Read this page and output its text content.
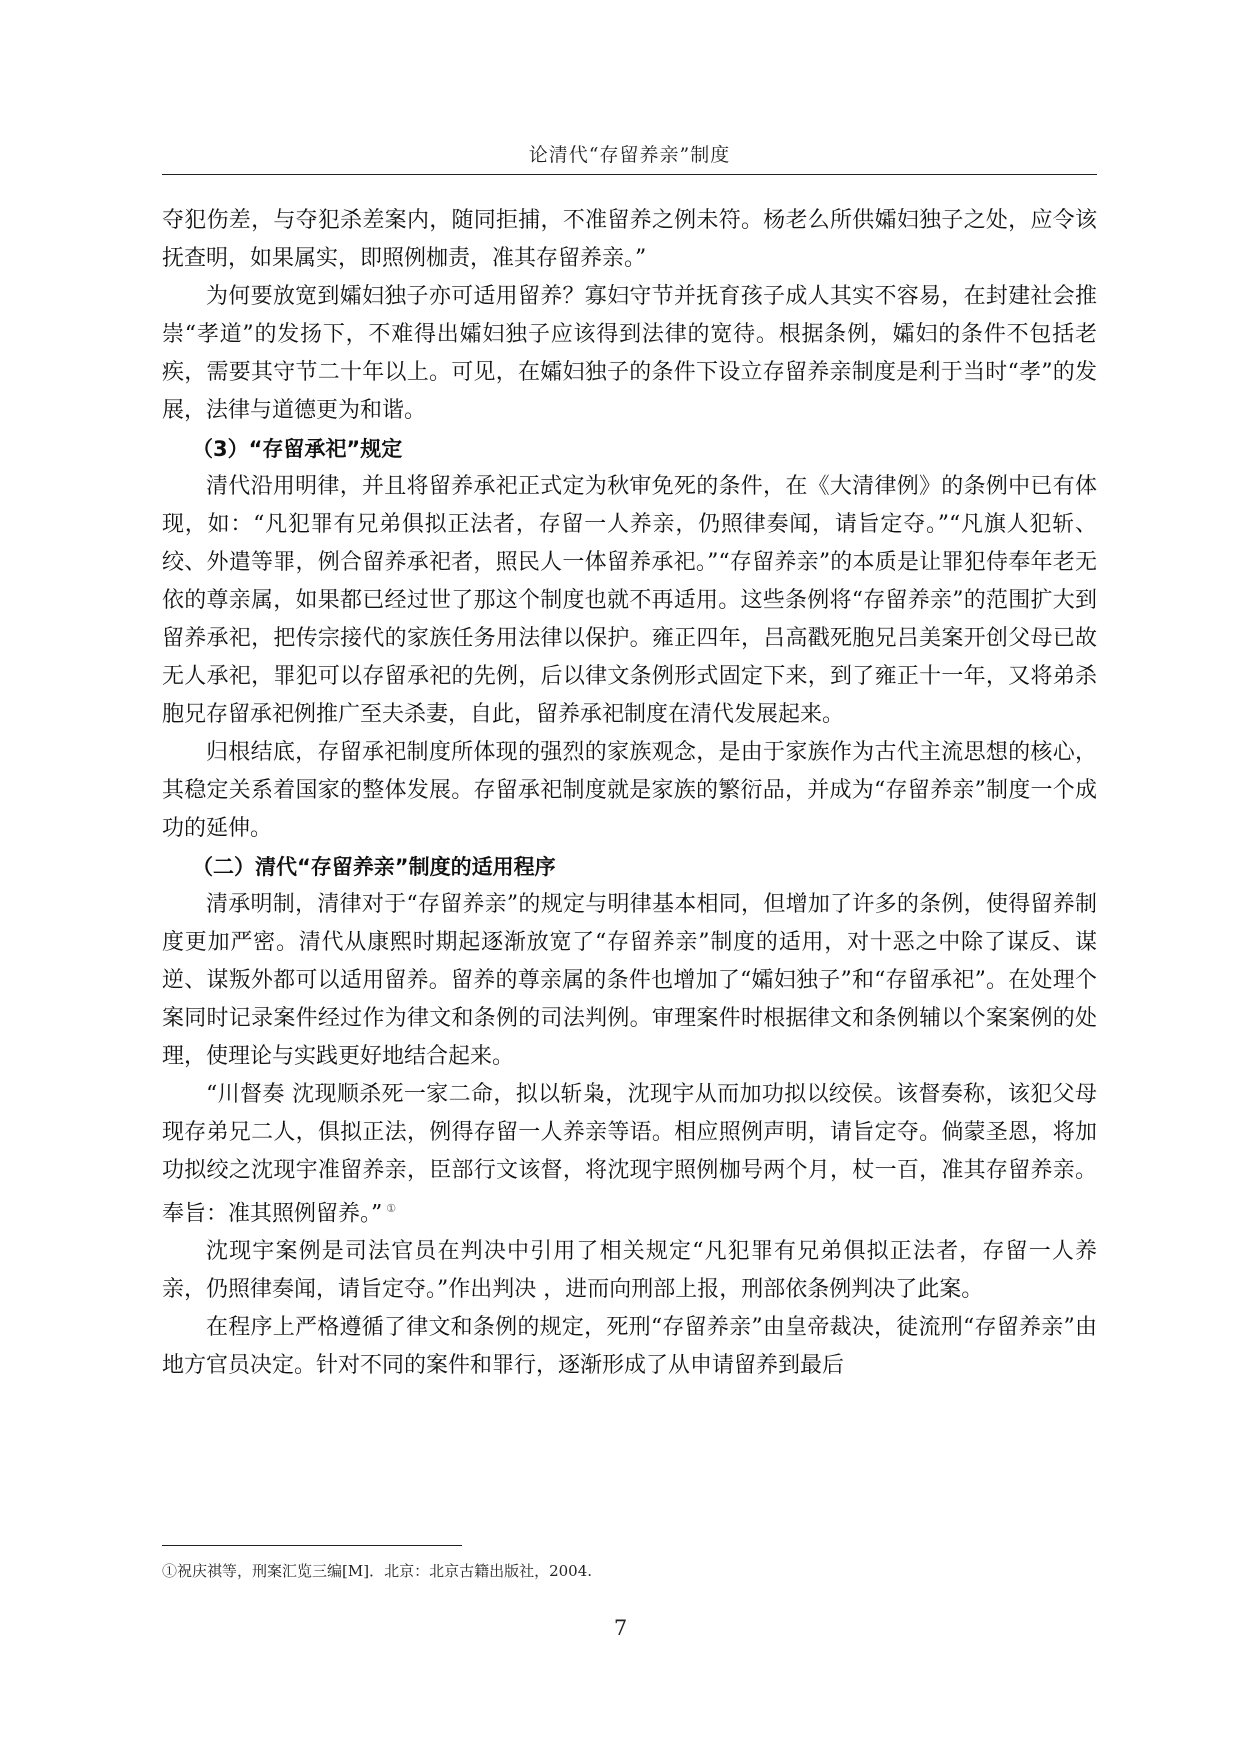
论清代“存留养亲”制度

夺犯伤差，与夺犯杀差案内，随同拒捕，不准留养之例未符。杨老么所供孀妇独子之处，应令该抚查明，如果属实，即照例枷责，准其存留养亲。”

为何要放宽到孀妇独子亦可适用留养？寡妇守节并抚育孩子成人其实不容易，在封建社会推崇“孝道”的发扬下，不难得出孀妇独子应该得到法律的宽待。根据条例，孀妇的条件不包括老疾，需要其守节二十年以上。可见，在孀妇独子的条件下设立存留养亲制度是利于当时“孝”的发展，法律与道德更为和谐。

（3）“存留承祀”规定

清代沿用明律，并且将留养承祀正式定为秋审免死的条件，在《大清律例》的条例中已有体现，如：“凡犯罪有兄弟俱拟正法者，存留一人养亲，仍照律奏闻，请旨定夺。”“凡旗人犯斩、绞、外遣等罪，例合留养承祀者，照民人一体留养承祀。”“存留养亲”的本质是让罪犯侍奉年老无依的尊亲属，如果都已经过世了那这个制度也就不再适用。这些条例将“存留养亲”的范围扩大到留养承祀，把传宗接代的家族任务用法律以保护。雍正四年，吕高戳死胞兄吕美案开创父母已故无人承祀，罪犯可以存留承祀的先例，后以律文条例形式固定下来，到了雍正十一年，又将弟杀胞兄存留承祀例推广至夫杀妻，自此，留养承祀制度在清代发展起来。

归根结底，存留承祀制度所体现的强烈的家族观念，是由于家族作为古代主流思想的核心，其稳定关系着国家的整体发展。存留承祀制度就是家族的繁衍品，并成为“存留养亲”制度一个成功的延伸。

（二）清代“存留养亲”制度的适用程序

清承明制，清律对于“存留养亲”的规定与明律基本相同，但增加了许多的条例，使得留养制度更加严密。清代从康熙时期起逐渐放宽了“存留养亲”制度的适用，对十恶之中除了谋反、谋逆、谋叛外都可以适用留养。留养的尊亲属的条件也增加了“孀妇独子”和“存留承祀”。在处理个案同时记录案件经过作为律文和条例的司法判例。审理案件时根据律文和条例辅以个案案例的处理，使理论与实践更好地结合起来。

“川督奏 沈现顺杀死一家二命，拟以斩枭，沈现宇从而加功拟以绞侯。该督奏称，该犯父母现存弟兄二人，俱拟正法，例得存留一人养亲等语。相应照例声明，请旨定夺。倘蒙圣恩，将加功拟绞之沈现宇准留养亲，臣部行文该督，将沈现宇照例枷号两个月，杖一百，准其存留养亲。奉旨：准其照例留养。” ①

沈现宇案例是司法官员在判决中引用了相关规定“凡犯罪有兄弟俱拟正法者，存留一人养亲，仍照律奏闻，请旨定夺。”作出判决 ，进而向刑部上报，刑部依条例判决了此案。

在程序上严格遵循了律文和条例的规定，死刑“存留养亲”由皇帝裁决，徒流刑“存留养亲”由地方官员决定。针对不同的案件和罪行，逐渐形成了从申请留养到最后

①祝庆祺等，刑案汇览三编[M]．北京：北京古籍出版社，2004.
7
